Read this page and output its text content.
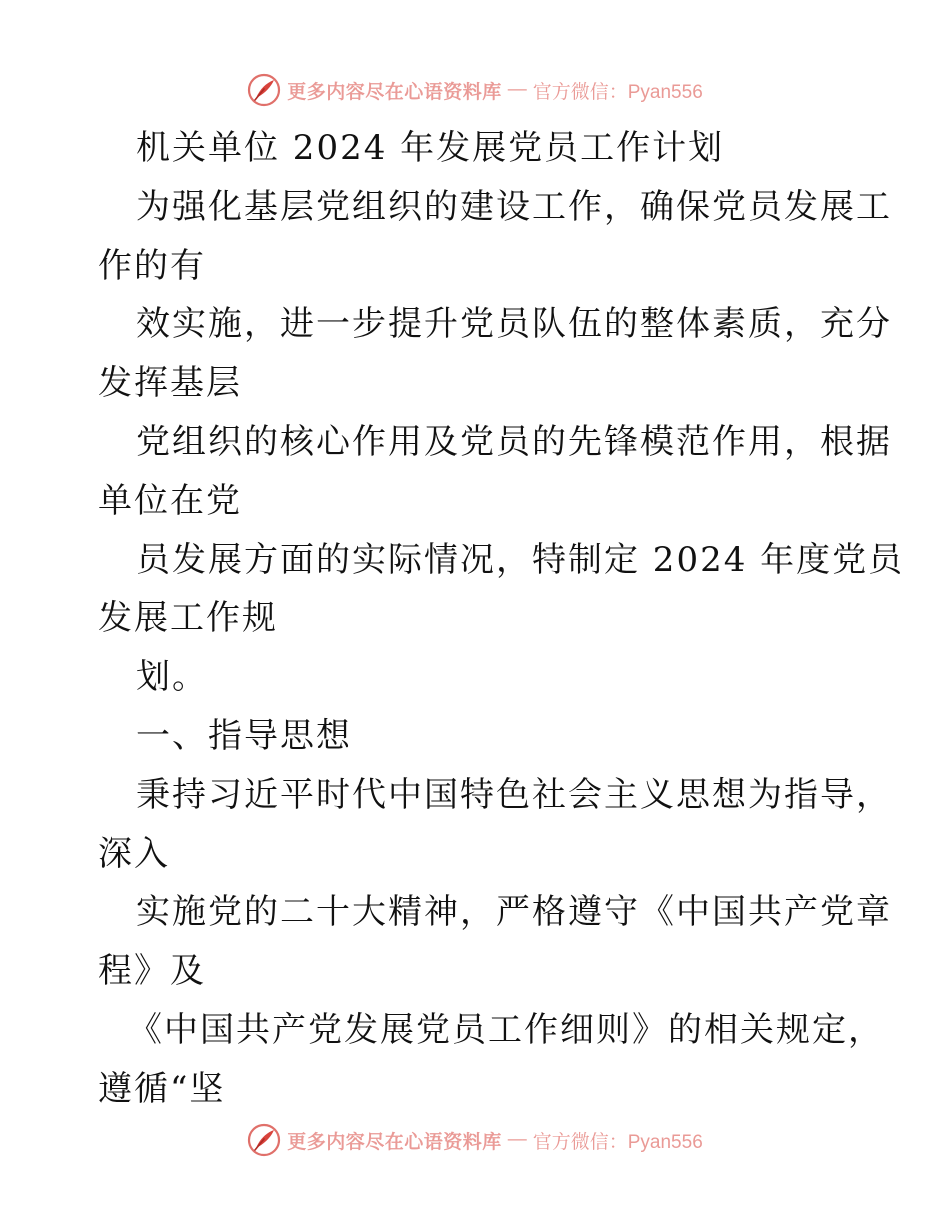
更多内容尽在心语资料库 — 官方微信：Pyan556
机关单位 2024 年发展党员工作计划
为强化基层党组织的建设工作，确保党员发展工
作的有
效实施，进一步提升党员队伍的整体素质，充分
发挥基层
党组织的核心作用及党员的先锋模范作用，根据
单位在党
员发展方面的实际情况，特制定 2024 年度党员
发展工作规
划。
一、指导思想
秉持习近平时代中国特色社会主义思想为指导，
深入
实施党的二十大精神，严格遵守《中国共产党章
程》及
《中国共产党发展党员工作细则》的相关规定，
遵循“坚
更多内容尽在心语资料库 — 官方微信：Pyan556
